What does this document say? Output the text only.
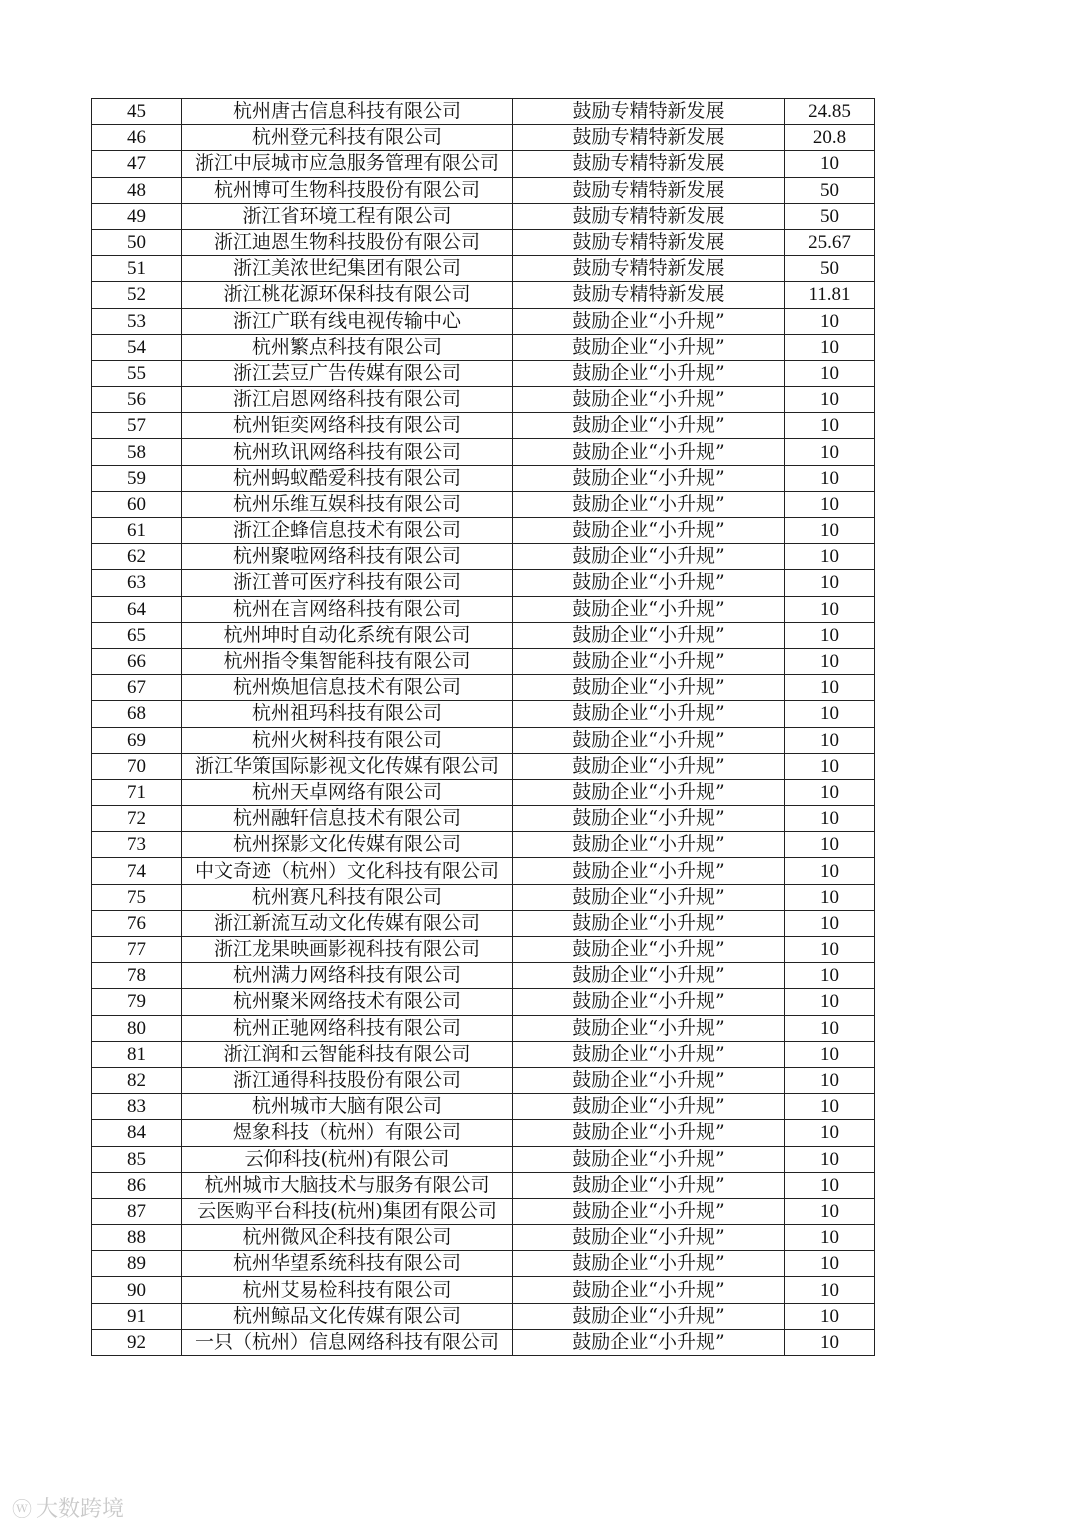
45	杭州唐古信息科技有限公司	鼓励专精特新发展	24.85
46	杭州登元科技有限公司	鼓励专精特新发展	20.8
47	浙江中辰城市应急服务管理有限公司	鼓励专精特新发展	10
48	杭州博可生物科技股份有限公司	鼓励专精特新发展	50
49	浙江省环境工程有限公司	鼓励专精特新发展	50
50	浙江迪恩生物科技股份有限公司	鼓励专精特新发展	25.67
51	浙江美浓世纪集团有限公司	鼓励专精特新发展	50
52	浙江桃花源环保科技有限公司	鼓励专精特新发展	11.81
53	浙江广联有线电视传输中心	鼓励企业“小升规”	10
54	杭州繁点科技有限公司	鼓励企业“小升规”	10
55	浙江芸豆广告传媒有限公司	鼓励企业“小升规”	10
56	浙江启恩网络科技有限公司	鼓励企业“小升规”	10
57	杭州钜奕网络科技有限公司	鼓励企业“小升规”	10
58	杭州玖讯网络科技有限公司	鼓励企业“小升规”	10
59	杭州蚂蚁酷爱科技有限公司	鼓励企业“小升规”	10
60	杭州乐维互娱科技有限公司	鼓励企业“小升规”	10
61	浙江企蜂信息技术有限公司	鼓励企业“小升规”	10
62	杭州聚啦网络科技有限公司	鼓励企业“小升规”	10
63	浙江普可医疗科技有限公司	鼓励企业“小升规”	10
64	杭州在言网络科技有限公司	鼓励企业“小升规”	10
65	杭州坤时自动化系统有限公司	鼓励企业“小升规”	10
66	杭州指令集智能科技有限公司	鼓励企业“小升规”	10
67	杭州焕旭信息技术有限公司	鼓励企业“小升规”	10
68	杭州祖玛科技有限公司	鼓励企业“小升规”	10
69	杭州火树科技有限公司	鼓励企业“小升规”	10
70	浙江华策国际影视文化传媒有限公司	鼓励企业“小升规”	10
71	杭州天卓网络有限公司	鼓励企业“小升规”	10
72	杭州融轩信息技术有限公司	鼓励企业“小升规”	10
73	杭州探影文化传媒有限公司	鼓励企业“小升规”	10
74	中文奇迹（杭州）文化科技有限公司	鼓励企业“小升规”	10
75	杭州赛凡科技有限公司	鼓励企业“小升规”	10
76	浙江新流互动文化传媒有限公司	鼓励企业“小升规”	10
77	浙江龙果映画影视科技有限公司	鼓励企业“小升规”	10
78	杭州满力网络科技有限公司	鼓励企业“小升规”	10
79	杭州聚米网络技术有限公司	鼓励企业“小升规”	10
80	杭州正驰网络科技有限公司	鼓励企业“小升规”	10
81	浙江润和云智能科技有限公司	鼓励企业“小升规”	10
82	浙江通得科技股份有限公司	鼓励企业“小升规”	10
83	杭州城市大脑有限公司	鼓励企业“小升规”	10
84	煜象科技（杭州）有限公司	鼓励企业“小升规”	10
85	云仰科技(杭州)有限公司	鼓励企业“小升规”	10
86	杭州城市大脑技术与服务有限公司	鼓励企业“小升规”	10
87	云医购平台科技(杭州)集团有限公司	鼓励企业“小升规”	10
88	杭州微风企科技有限公司	鼓励企业“小升规”	10
89	杭州华望系统科技有限公司	鼓励企业“小升规”	10
90	杭州艾易检科技有限公司	鼓励企业“小升规”	10
91	杭州鲸品文化传媒有限公司	鼓励企业“小升规”	10
92	一只（杭州）信息网络科技有限公司	鼓励企业“小升规”	10
ⓦ 大数跨境
